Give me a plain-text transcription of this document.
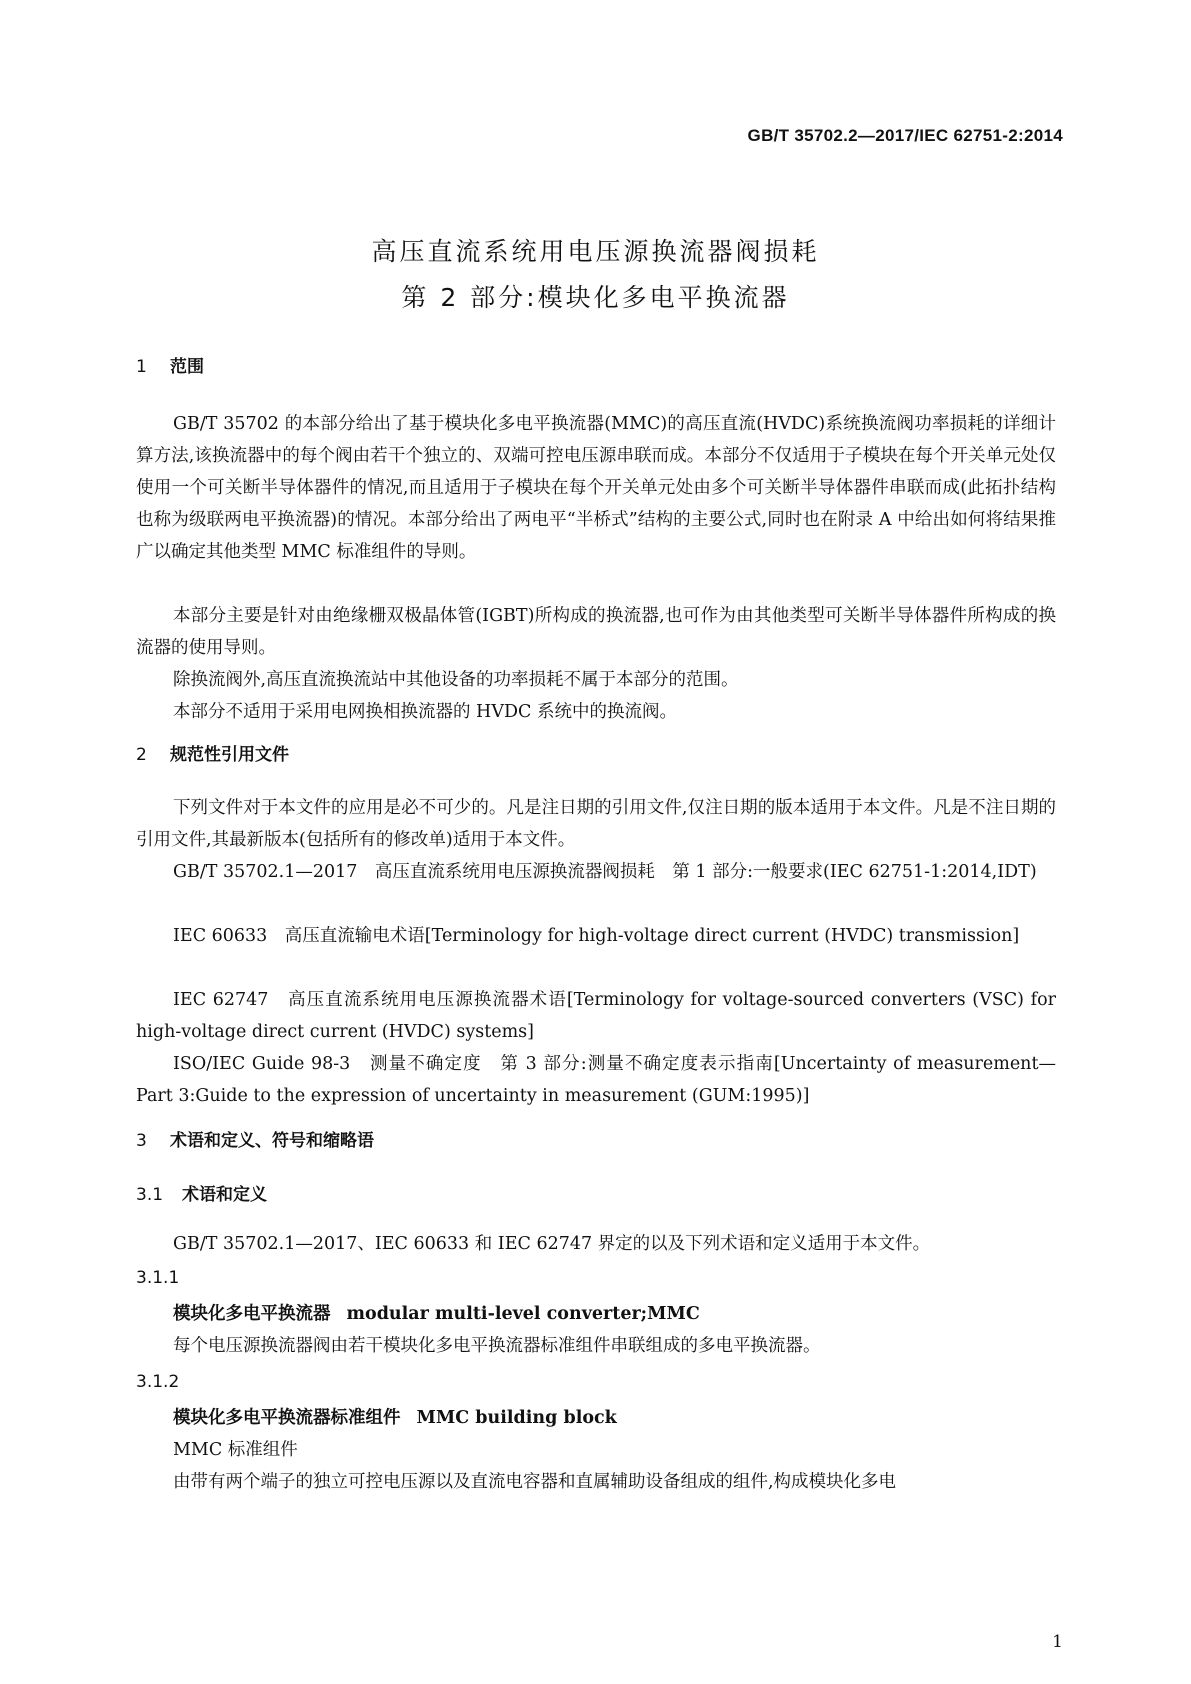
GB/T 35702.2—2017/IEC 62751-2:2014
高压直流系统用电压源换流器阀损耗
第 2 部分:模块化多电平换流器
1 范围
GB/T 35702 的本部分给出了基于模块化多电平换流器(MMC)的高压直流(HVDC)系统换流阀功率损耗的详细计算方法,该换流器中的每个阀由若干个独立的、双端可控电压源串联而成。本部分不仅适用于子模块在每个开关单元处仅使用一个可关断半导体器件的情况,而且适用于子模块在每个开关单元处由多个可关断半导体器件串联而成(此拓扑结构也称为级联两电平换流器)的情况。本部分给出了两电平“半桥式”结构的主要公式,同时也在附录 A 中给出如何将结果推广以确定其他类型 MMC 标准组件的导则。
本部分主要是针对由绝缘栅双极晶体管(IGBT)所构成的换流器,也可作为由其他类型可关断半导体器件所构成的换流器的使用导则。
除换流阀外,高压直流换流站中其他设备的功率损耗不属于本部分的范围。
本部分不适用于采用电网换相换流器的 HVDC 系统中的换流阀。
2 规范性引用文件
下列文件对于本文件的应用是必不可少的。凡是注日期的引用文件,仅注日期的版本适用于本文件。凡是不注日期的引用文件,其最新版本(包括所有的修改单)适用于本文件。
GB/T 35702.1—2017　高压直流系统用电压源换流器阀损耗　第 1 部分:一般要求(IEC 62751-1:2014,IDT)
IEC 60633　高压直流输电术语[Terminology for high-voltage direct current (HVDC) transmission]
IEC 62747　高压直流系统用电压源换流器术语[Terminology for voltage-sourced converters (VSC) for high-voltage direct current (HVDC) systems]
ISO/IEC Guide 98-3　测量不确定度　第 3 部分:测量不确定度表示指南[Uncertainty of measurement—Part 3:Guide to the expression of uncertainty in measurement (GUM:1995)]
3 术语和定义、符号和缩略语
3.1 术语和定义
GB/T 35702.1—2017、IEC 60633 和 IEC 62747 界定的以及下列术语和定义适用于本文件。
3.1.1
模块化多电平换流器 modular multi-level converter;MMC
每个电压源换流器阀由若干模块化多电平换流器标准组件串联组成的多电平换流器。
3.1.2
模块化多电平换流器标准组件 MMC building block
MMC 标准组件
由带有两个端子的独立可控电压源以及直流电容器和直属辅助设备组成的组件,构成模块化多电
1
